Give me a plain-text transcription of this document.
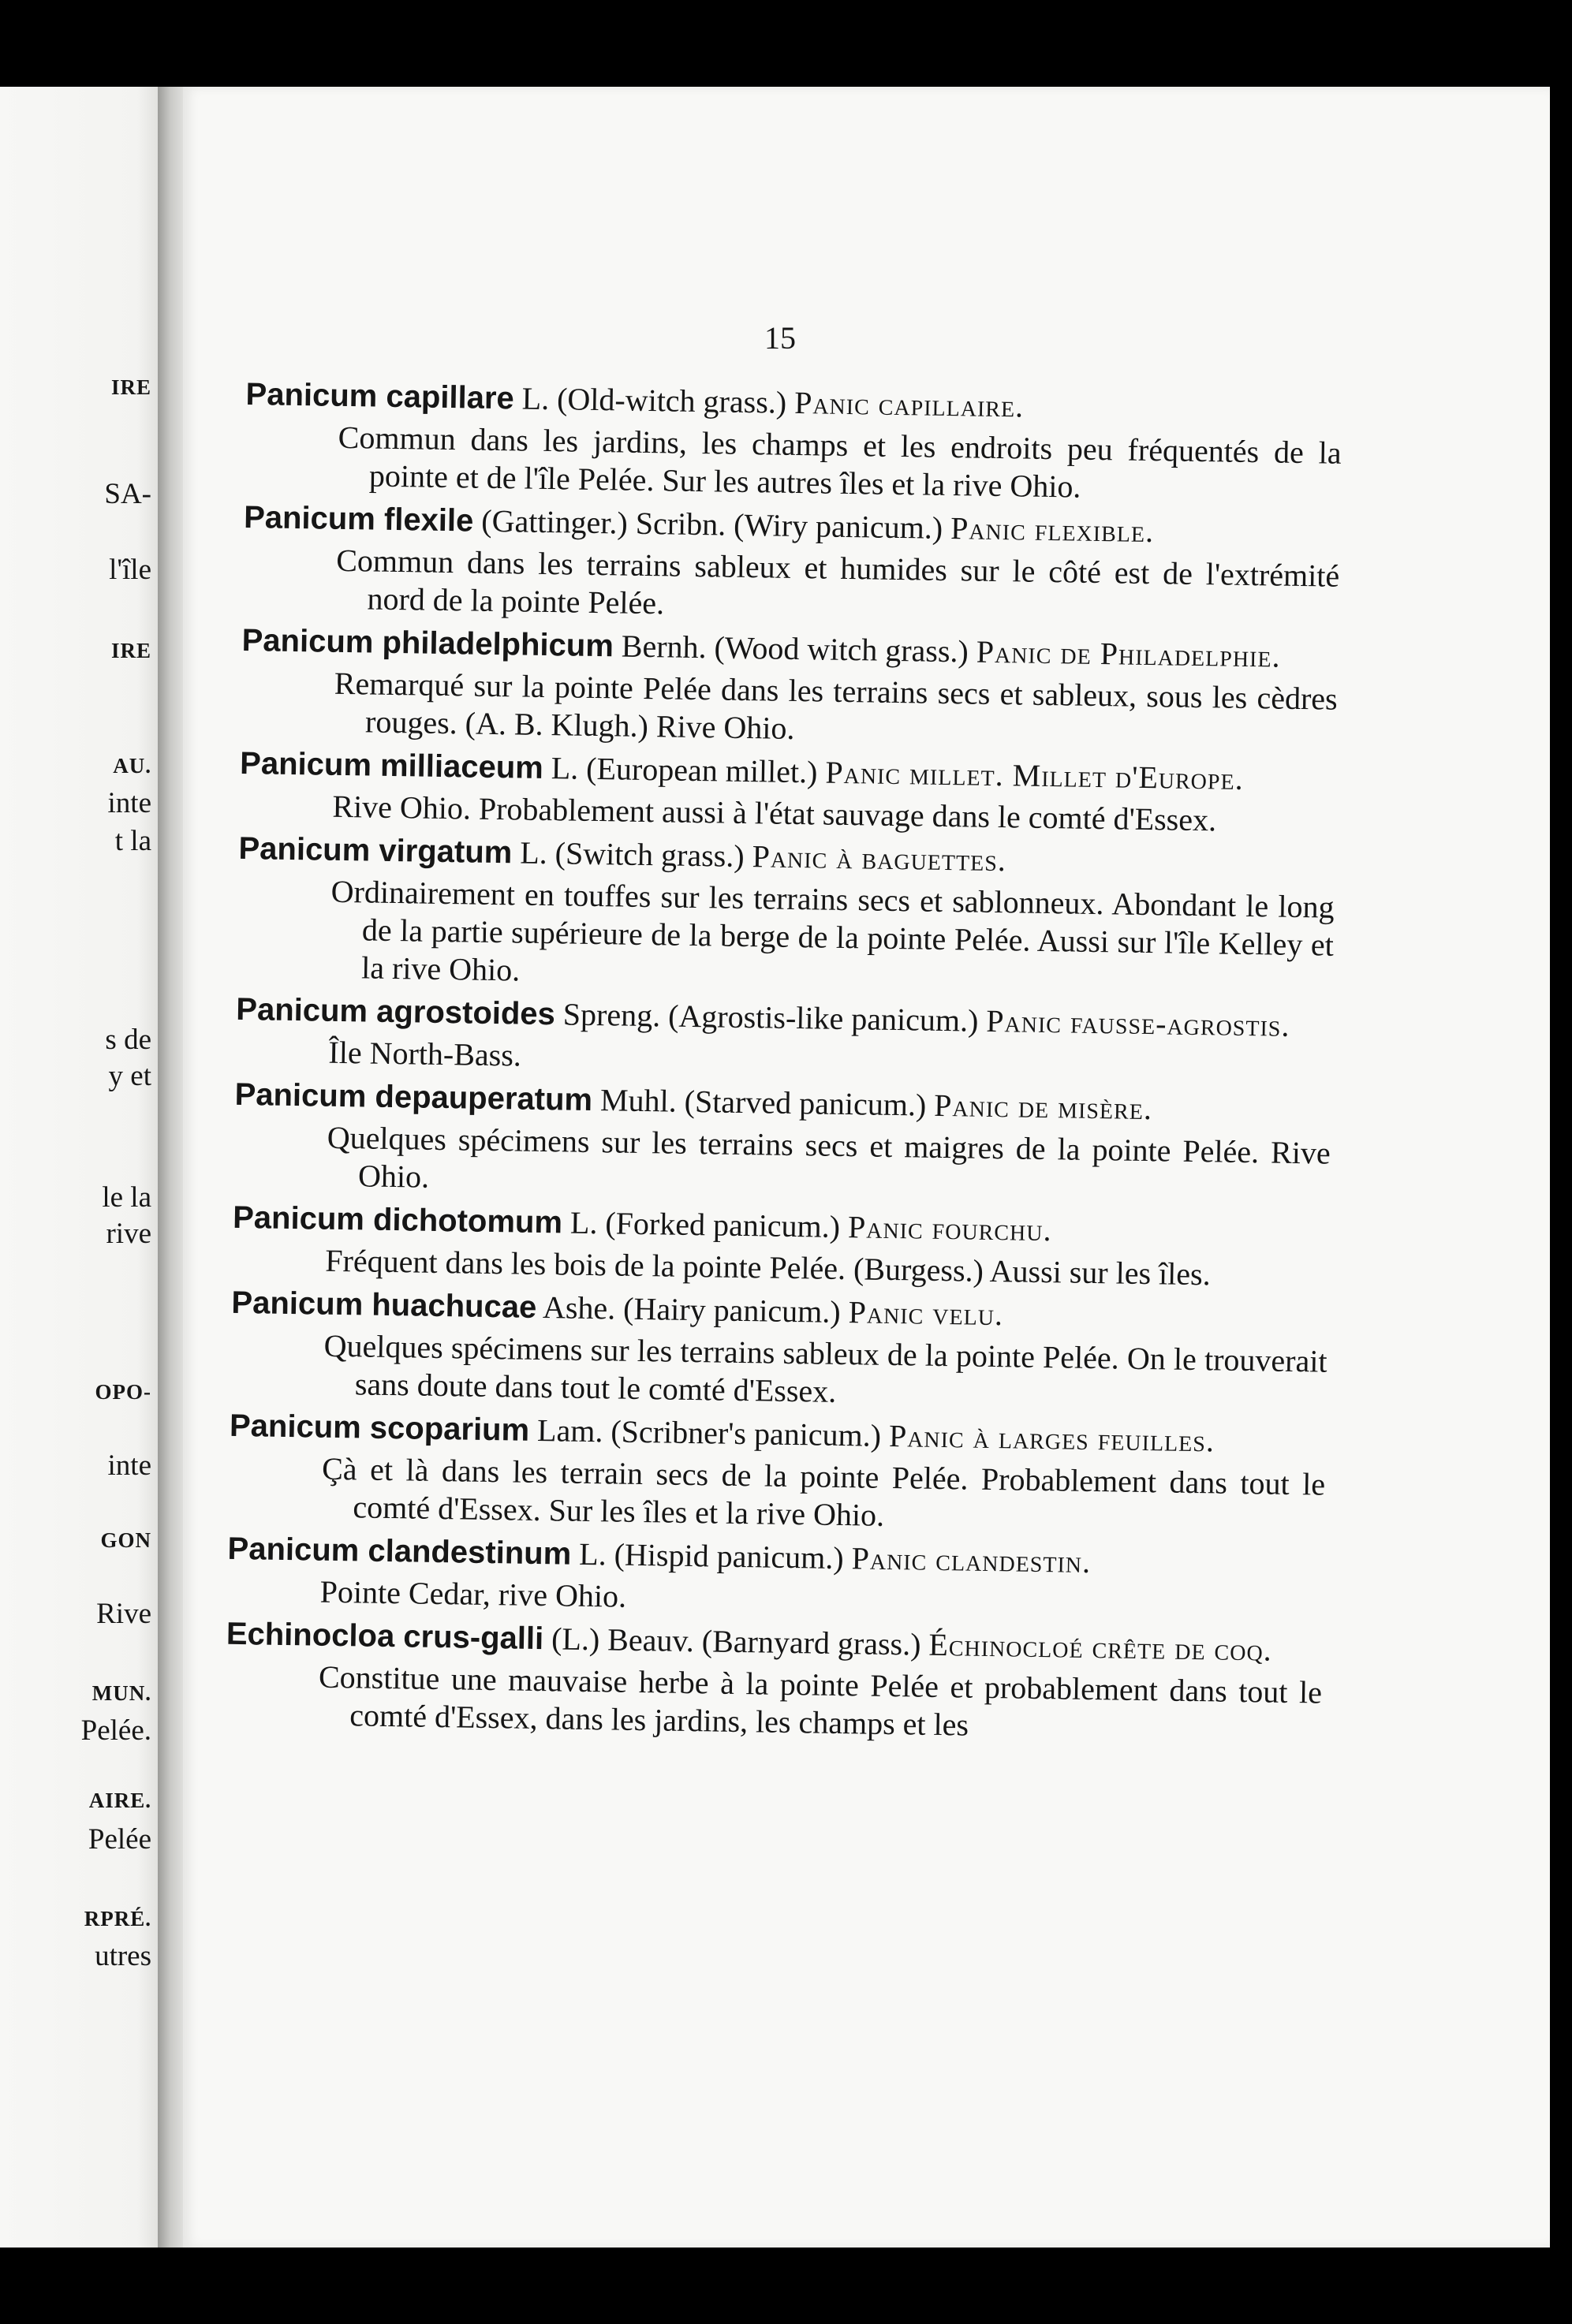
IRE

SA-

l'île

IRE

AU.

inte

t la

s de

y et

le la

rive

OPO-

inte

GON

Rive

MUN.

Pelée.

AIRE.

Pelée

RPRÉ.

utres

15

Panicum capillare L. (Old-witch grass.) Panic capillaire.

Commun dans les jardins, les champs et les endroits peu fréquentés de la pointe et de l'île Pelée. Sur les autres îles et la rive Ohio.

Panicum flexile (Gattinger.) Scribn. (Wiry panicum.) Panic flexible.

Commun dans les terrains sableux et humides sur le côté est de l'extrémité nord de la pointe Pelée.

Panicum philadelphicum Bernh. (Wood witch grass.) Panic de Philadelphie.

Remarqué sur la pointe Pelée dans les terrains secs et sableux, sous les cèdres rouges. (A. B. Klugh.) Rive Ohio.

Panicum milliaceum L. (European millet.) Panic millet. Millet d'Europe.

Rive Ohio. Probablement aussi à l'état sauvage dans le comté d'Essex.

Panicum virgatum L. (Switch grass.) Panic à baguettes.

Ordinairement en touffes sur les terrains secs et sablonneux. Abondant le long de la partie supérieure de la berge de la pointe Pelée. Aussi sur l'île Kelley et la rive Ohio.

Panicum agrostoides Spreng. (Agrostis-like panicum.) Panic fausse-agrostis.

Île North-Bass.

Panicum depauperatum Muhl. (Starved panicum.) Panic de misère.

Quelques spécimens sur les terrains secs et maigres de la pointe Pelée. Rive Ohio.

Panicum dichotomum L. (Forked panicum.) Panic fourchu.

Fréquent dans les bois de la pointe Pelée. (Burgess.) Aussi sur les îles.

Panicum huachucae Ashe. (Hairy panicum.) Panic velu.

Quelques spécimens sur les terrains sableux de la pointe Pelée. On le trouverait sans doute dans tout le comté d'Essex.

Panicum scoparium Lam. (Scribner's panicum.) Panic à larges feuilles.

Çà et là dans les terrain secs de la pointe Pelée. Probablement dans tout le comté d'Essex. Sur les îles et la rive Ohio.

Panicum clandestinum L. (Hispid panicum.) Panic clandestin.

Pointe Cedar, rive Ohio.

Echinocloa crus-galli (L.) Beauv. (Barnyard grass.) Échinocloé crête de coq.

Constitue une mauvaise herbe à la pointe Pelée et probablement dans tout le comté d'Essex, dans les jardins, les champs et les
